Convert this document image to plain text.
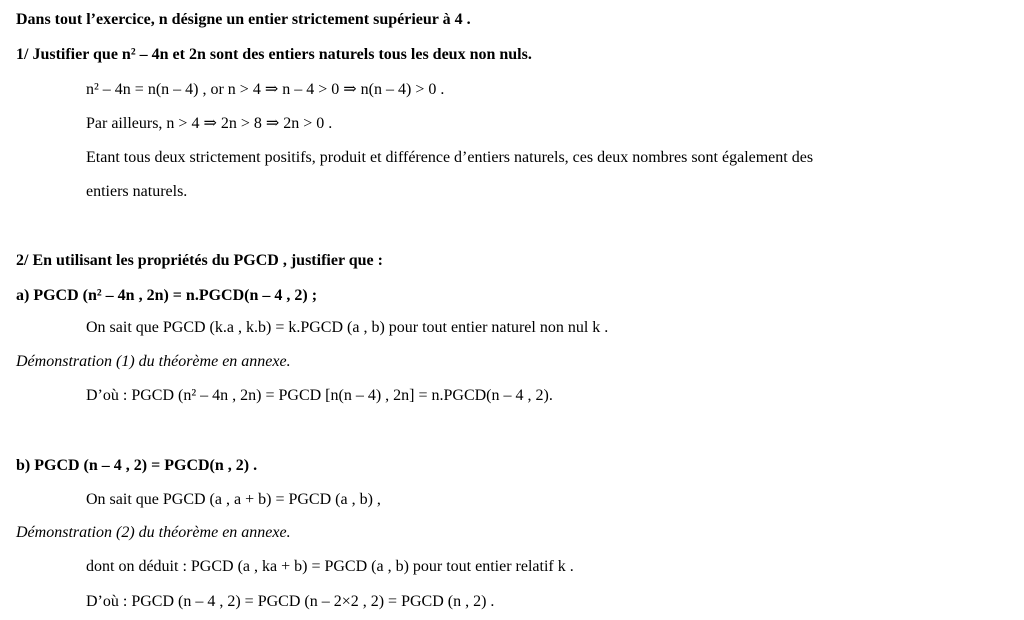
Dans tout l’exercice, n désigne un entier strictement supérieur à 4 .
1/ Justifier que n² – 4n et 2n sont des entiers naturels tous les deux non nuls.
n² – 4n = n(n – 4) , or n > 4 ⇒ n – 4 > 0 ⇒ n(n – 4) > 0 .
Par ailleurs, n > 4 ⇒ 2n > 8 ⇒ 2n > 0 .
Etant tous deux strictement positifs, produit et différence d’entiers naturels, ces deux nombres sont également des
entiers naturels.
2/ En utilisant les propriétés du PGCD , justifier que :
a) PGCD (n² – 4n , 2n) = n.PGCD(n – 4 , 2) ;
On sait que PGCD (k.a , k.b) = k.PGCD (a , b) pour tout entier naturel non nul k .
Démonstration (1) du théorème en annexe.
D’où : PGCD (n² – 4n , 2n) = PGCD [n(n – 4) , 2n] = n.PGCD(n – 4 , 2).
b) PGCD (n – 4 , 2) = PGCD(n , 2) .
On sait que PGCD (a , a + b) = PGCD (a , b) ,
Démonstration (2) du théorème en annexe.
dont on déduit : PGCD (a , ka + b) = PGCD (a , b) pour tout entier relatif k .
D’où : PGCD (n – 4 , 2) = PGCD (n – 2×2 , 2) = PGCD (n , 2) .
